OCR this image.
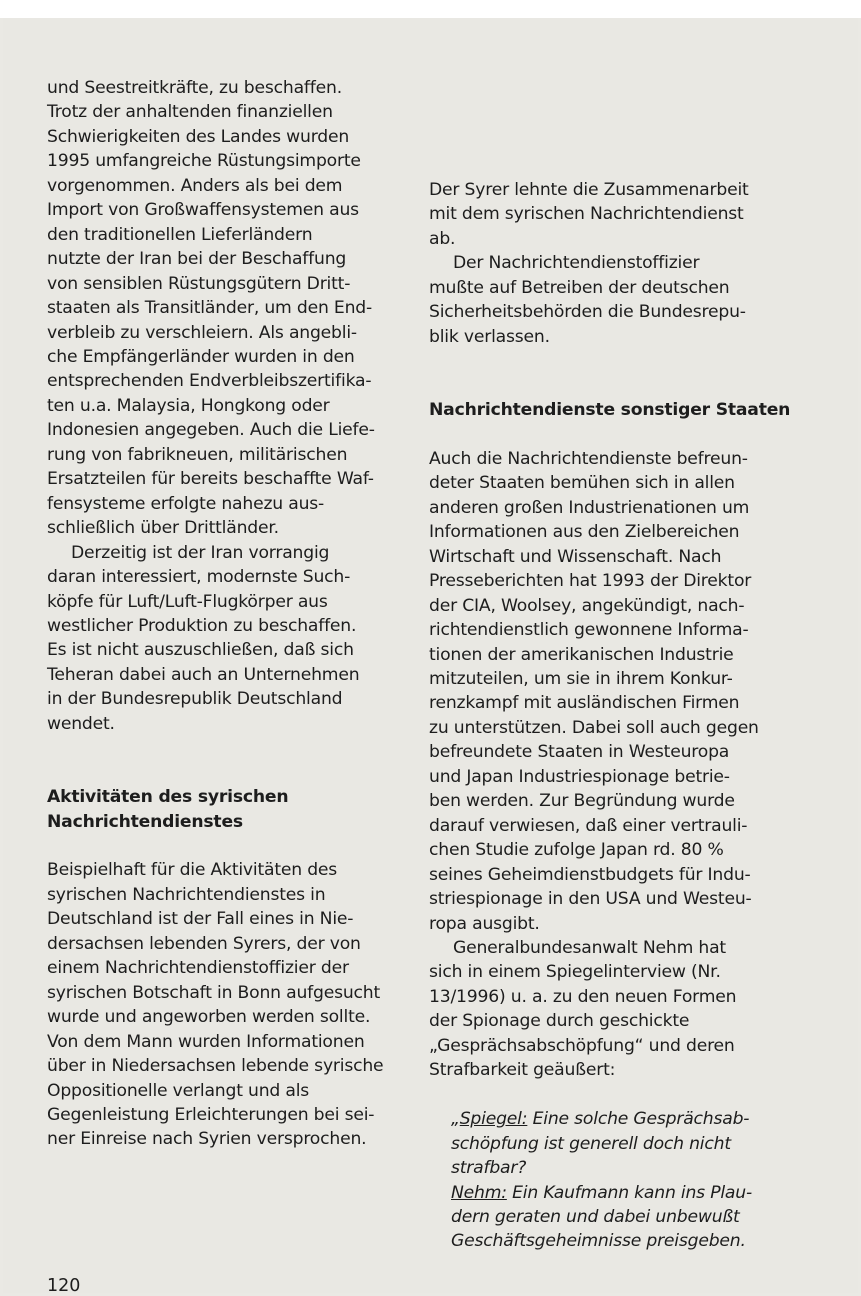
und Seestreitkräfte, zu beschaffen.
Trotz der anhaltenden finanziellen
Schwierigkeiten des Landes wurden
1995 umfangreiche Rüstungsimporte
vorgenommen. Anders als bei dem
Import von Großwaffensystemen aus
den traditionellen Lieferländern
nutzte der Iran bei der Beschaffung
von sensiblen Rüstungsgütern Dritt-
staaten als Transitländer, um den End-
verbleib zu verschleiern. Als angebli-
che Empfängerländer wurden in den
entsprechenden Endverbleibszertifika-
ten u.a. Malaysia, Hongkong oder
Indonesien angegeben. Auch die Liefe-
rung von fabrikneuen, militärischen
Ersatzteilen für bereits beschaffte Waf-
fensysteme erfolgte nahezu aus-
schließlich über Drittländer.
Derzeitig ist der Iran vorrangig
daran interessiert, modernste Such-
köpfe für Luft/Luft-Flugkörper aus
westlicher Produktion zu beschaffen.
Es ist nicht auszuschließen, daß sich
Teheran dabei auch an Unternehmen
in der Bundesrepublik Deutschland
wendet.
Aktivitäten des syrischen
Nachrichtendienstes
Beispielhaft für die Aktivitäten des
syrischen Nachrichtendienstes in
Deutschland ist der Fall eines in Nie-
dersachsen lebenden Syrers, der von
einem Nachrichtendienstoffizier der
syrischen Botschaft in Bonn aufgesucht
wurde und angeworben werden sollte.
Von dem Mann wurden Informationen
über in Niedersachsen lebende syrische
Oppositionelle verlangt und als
Gegenleistung Erleichterungen bei sei-
ner Einreise nach Syrien versprochen.
Der Syrer lehnte die Zusammenarbeit
mit dem syrischen Nachrichtendienst
ab.
Der Nachrichtendienstoffizier
mußte auf Betreiben der deutschen
Sicherheitsbehörden die Bundesrepu-
blik verlassen.
Nachrichtendienste sonstiger Staaten
Auch die Nachrichtendienste befreun-
deter Staaten bemühen sich in allen
anderen großen Industrienationen um
Informationen aus den Zielbereichen
Wirtschaft und Wissenschaft. Nach
Presseberichten hat 1993 der Direktor
der CIA, Woolsey, angekündigt, nach-
richtendienstlich gewonnene Informa-
tionen der amerikanischen Industrie
mitzuteilen, um sie in ihrem Konkur-
renzkampf mit ausländischen Firmen
zu unterstützen. Dabei soll auch gegen
befreundete Staaten in Westeuropa
und Japan Industriespionage betrie-
ben werden. Zur Begründung wurde
darauf verwiesen, daß einer vertrauli-
chen Studie zufolge Japan rd. 80 %
seines Geheimdienstbudgets für Indu-
striespionage in den USA und Westeu-
ropa ausgibt.
Generalbundesanwalt Nehm hat
sich in einem Spiegelinterview (Nr.
13/1996) u. a. zu den neuen Formen
der Spionage durch geschickte
„Gesprächsabschöpfung“ und deren
Strafbarkeit geäußert:
„Spiegel: Eine solche Gesprächsab-
schöpfung ist generell doch nicht
strafbar?
Nehm: Ein Kaufmann kann ins Plau-
dern geraten und dabei unbewußt
Geschäftsgeheimnisse preisgeben.
120
